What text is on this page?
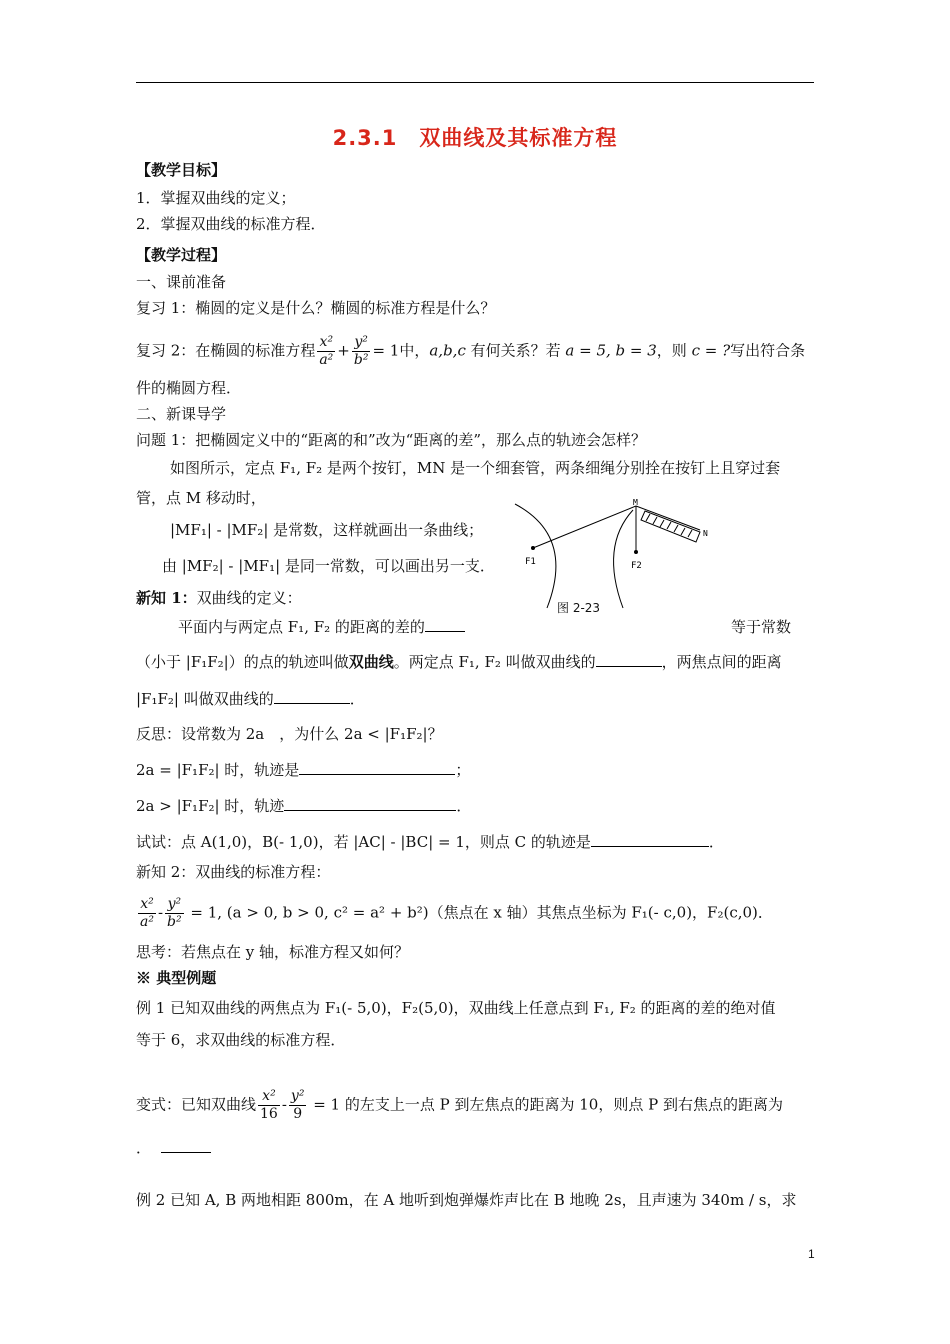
2.3.1　双曲线及其标准方程
【教学目标】
1．掌握双曲线的定义；
2．掌握双曲线的标准方程．
【教学过程】
一、课前准备
复习 1：椭圆的定义是什么？椭圆的标准方程是什么？
复习 2：在椭圆的标准方程 $\frac{\text{x²}}{\text{a²}} + \frac{\text{y²}}{\text{b²}} = 1$中，a,b,c 有何关系？若 a = 5, b = 3，则 c = ?写出符合条
件的椭圆方程．
二、新课导学
问题 1：把椭圆定义中的“距离的和”改为“距离的差”，那么点的轨迹会怎样？
如图所示，定点 F₁, F₂ 是两个按钉，MN 是一个细套管，两条细绳分别拴在按钉上且穿过套
管，点 M 移动时，
|MF₁| - |MF₂| 是常数，这样就画出一条曲线；
由 |MF₂| - |MF₁| 是同一常数，可以画出另一支．
M
N
F1	F2
图 2-23
新知 1：双曲线的定义：
平面内与两定点 F₁, F₂ 的距离的差的	等于常数
（小于 |F₁F₂|）的点的轨迹叫做双曲线。两定点 F₁, F₂ 叫做双曲线的	，两焦点间的距离
|F₁F₂| 叫做双曲线的	．
反思：设常数为 2a　，为什么 2a < |F₁F₂|？
2a = |F₁F₂| 时，轨迹是	；
2a > |F₁F₂| 时，轨迹	．
试试：点 A(1,0)，B(- 1,0)，若 |AC| - |BC| = 1，则点 C 的轨迹是	．
新知 2：双曲线的标准方程：
$\frac{\text{x²}}{\text{a²}} - \frac{\text{y²}}{\text{b²}} = 1$, (a > 0, b > 0, c² = a² + b²)（焦点在 x 轴）其焦点坐标为 F₁(- c,0)，F₂(c,0)．
思考：若焦点在 y 轴，标准方程又如何？
※ 典型例题
例 1 已知双曲线的两焦点为 F₁(- 5,0)，F₂(5,0)，双曲线上任意点到 F₁, F₂ 的距离的差的绝对值
等于 6，求双曲线的标准方程．
变式：已知双曲线 $\frac{\text{x²}}{16} - \frac{\text{y²}}{9} = 1$ 的左支上一点 P 到左焦点的距离为 10，则点 P 到右焦点的距离为
．
例 2 已知 A, B 两地相距 800m，在 A 地听到炮弹爆炸声比在 B 地晚 2s，且声速为 340m / s，求
1
